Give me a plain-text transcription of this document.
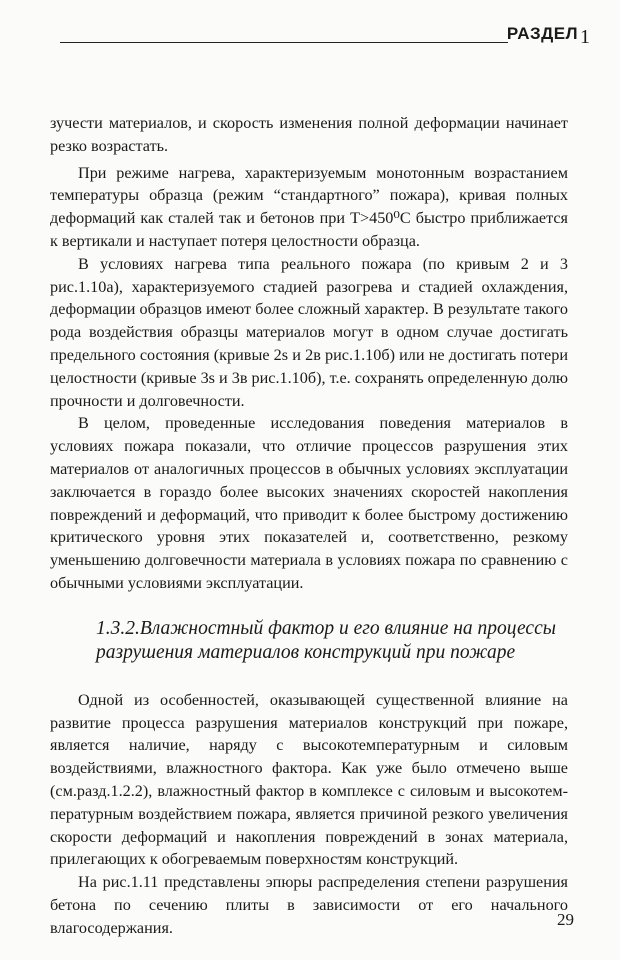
РАЗДЕЛ 1

зучести материалов, и скорость изменения полной деформации начинает резко возрастать.

При режиме нагрева, характеризуемым монотонным возрастанием температуры образца (режим “стандартного” пожара), кривая полных деформаций как сталей так и бетонов при T>450⁰C быстро приближается к вертикали и наступает потеря целостности образца.

В условиях нагрева типа реального пожара (по кривым 2 и 3 рис.1.10а), характеризуемого стадией разогрева и стадией охлаждения, деформации образцов имеют более сложный характер. В результате такого рода воздействия образцы материалов могут в одном случае достигать предельного состояния (кривые 2s и 2в рис.1.10б) или не достигать потери целостности (кривые 3s и 3в рис.1.10б), т.е. сохранять определенную долю прочности и долговечности.

В целом, проведенные исследования поведения материалов в условиях пожара показали, что отличие процессов разрушения этих материалов от аналогичных процессов в обычных условиях эксплуатации заключается в гораздо более высоких значениях скоростей накопления повреждений и деформаций, что приводит к более быстрому достижению критического уровня этих показателей и, соответственно, резкому уменьшению долговечности материала в условиях пожара по сравнению с обычными условиями эксплуатации.

1.3.2.Влажностный фактор и его влияние на процессы разрушения материалов конструкций при пожаре

Одной из особенностей, оказывающей существенной влияние на развитие процесса разрушения материалов конструкций при пожаре, является наличие, наряду с высокотемпературным и силовым воздействиями, влажностного фактора. Как уже было отмечено выше (см.разд.1.2.2), влажностный фактор в комплексе с силовым и высокотем- пературным воздействием пожара, является причиной резкого увеличения скорости деформаций и накопления повреждений в зонах материала, прилегающих к обогреваемым поверхностям конструкций.

На рис.1.11 представлены эпюры распределения степени разрушения бетона по сечению плиты в зависимости от его начального влагосодержания.	29
